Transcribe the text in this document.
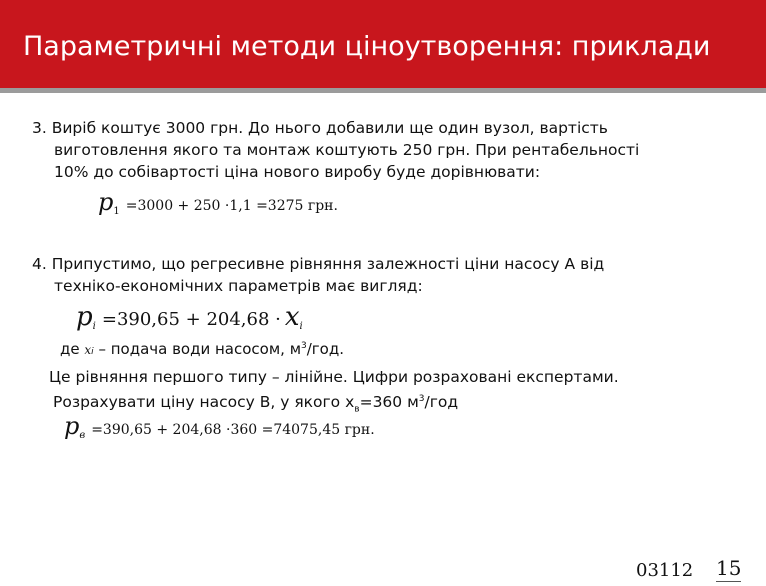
Параметричні методи ціноутворення: приклади
3. Виріб коштує 3000 грн. До нього добавили ще один вузол, вартість
виготовлення якого та монтаж коштують 250 грн. При рентабельності
10% до собівартості ціна нового виробу буде дорівнювати:
$p_1 =3000 + 250 \cdot 1,1 =3275$ грн.
4. Припустимо, що регресивне рівняння залежності ціни насосу А від
техніко-економічних параметрів має вигляд:
$p_i =390,65 + 204,68 \cdot x_i$
де xi – подача води насосом, $м^3$/год.
Це рівняння першого типу – лінійне. Цифри розраховані експертами.
Розрахувати ціну насосу В, у якого $х_в=360$ $м^3$/год
$p_в =390,65 + 204,68 \cdot 360 =74075,45$ грн.
03112 15
